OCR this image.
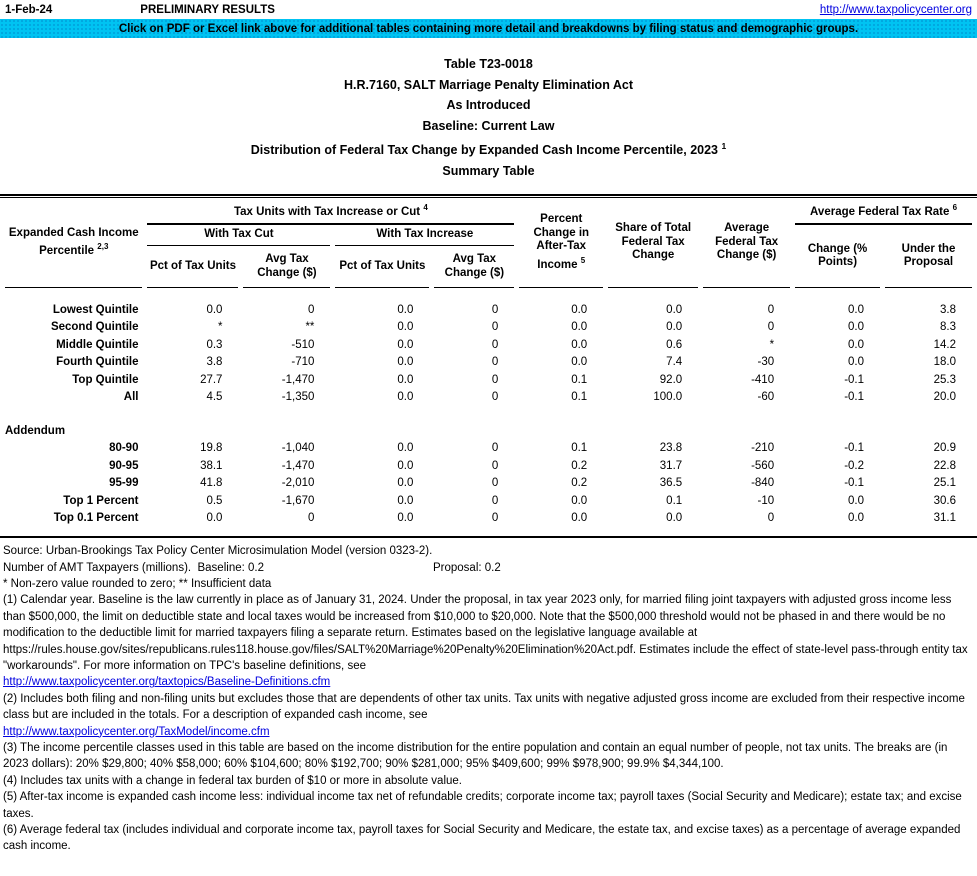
1-Feb-24	PRELIMINARY RESULTS	http://www.taxpolicycenter.org
Click on PDF or Excel link above for additional tables containing more detail and breakdowns by filing status and demographic groups.
Table T23-0018
H.R.7160, SALT Marriage Penalty Elimination Act
As Introduced
Baseline: Current Law
Distribution of Federal Tax Change by Expanded Cash Income Percentile, 2023 $^1$
Summary Table
Expanded Cash Income Percentile $^{2,3}$	Tax Units with Tax Increase or Cut $^4$				Percent Change in After-Tax Income $^5$	Share of Total Federal Tax Change	Average Federal Tax Change ($)	Average Federal Tax Rate $^6$
	With Tax Cut		With Tax Increase					Change (% Points)	Under the Proposal
	Pct of Tax Units	Avg Tax Change ($)	Pct of Tax Units	Avg Tax Change ($)					

Lowest Quintile	0.0	0	0.0	0	0.0	0.0	0	0.0	3.8
Second Quintile	*	**	0.0	0	0.0	0.0	0	0.0	8.3
Middle Quintile	0.3	-510	0.0	0	0.0	0.6	*	0.0	14.2
Fourth Quintile	3.8	-710	0.0	0	0.0	7.4	-30	0.0	18.0
Top Quintile	27.7	-1,470	0.0	0	0.1	92.0	-410	-0.1	25.3
All	4.5	-1,350	0.0	0	0.1	100.0	-60	-0.1	20.0

Addendum									
80-90	19.8	-1,040	0.0	0	0.1	23.8	-210	-0.1	20.9
90-95	38.1	-1,470	0.0	0	0.2	31.7	-560	-0.2	22.8
95-99	41.8	-2,010	0.0	0	0.2	36.5	-840	-0.1	25.1
Top 1 Percent	0.5	-1,670	0.0	0	0.0	0.1	-10	0.0	30.6
Top 0.1 Percent	0.0	0	0.0	0	0.0	0.0	0	0.0	31.1

Source: Urban-Brookings Tax Policy Center Microsimulation Model (version 0323-2).

Number of AMT Taxpayers (millions).  Baseline: 0.2	Proposal: 0.2

* Non-zero value rounded to zero; ** Insufficient data

(1) Calendar year. Baseline is the law currently in place as of January 31, 2024. Under the proposal, in tax year 2023 only, for married filing joint taxpayers with adjusted gross income less than $500,000, the limit on deductible state and local taxes would be increased from $10,000 to $20,000. Note that the $500,000 threshold would not be phased in and there would be no modification to the deductible limit for married taxpayers filing a separate return. Estimates based on the legislative language available at https://rules.house.gov/sites/republicans.rules118.house.gov/files/SALT%20Marriage%20Penalty%20Elimination%20Act.pdf. Estimates include the effect of state-level pass-through entity tax "workarounds". For more information on TPC's baseline definitions, see

http://www.taxpolicycenter.org/taxtopics/Baseline-Definitions.cfm

(2) Includes both filing and non-filing units but excludes those that are dependents of other tax units. Tax units with negative adjusted gross income are excluded from their respective income class but are included in the totals. For a description of expanded cash income, see

http://www.taxpolicycenter.org/TaxModel/income.cfm

(3) The income percentile classes used in this table are based on the income distribution for the entire population and contain an equal number of people, not tax units. The breaks are (in 2023 dollars): 20% $29,800; 40% $58,000; 60% $104,600; 80% $192,700; 90% $281,000; 95% $409,600; 99% $978,900; 99.9% $4,344,100.

(4) Includes tax units with a change in federal tax burden of $10 or more in absolute value.

(5) After-tax income is expanded cash income less: individual income tax net of refundable credits; corporate income tax; payroll taxes (Social Security and Medicare); estate tax; and excise taxes.

(6) Average federal tax (includes individual and corporate income tax, payroll taxes for Social Security and Medicare, the estate tax, and excise taxes) as a percentage of average expanded cash income.
